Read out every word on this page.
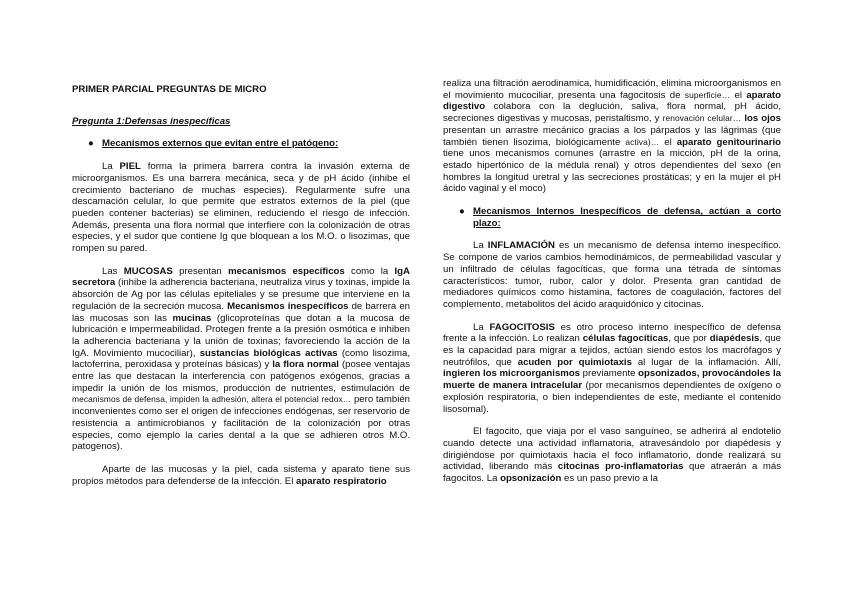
PRIMER PARCIAL PREGUNTAS DE MICRO
Pregunta 1:Defensas inespecíficas
● Mecanismos externos que evitan entre el patógeno:

La PIEL forma la primera barrera contra la invasión externa de microorganismos. Es una barrera mecánica, seca y de pH ácido (inhibe el crecimiento bacteriano de muchas especies). Regularmente sufre una descamación celular, lo que permite que estratos externos de la piel (que pueden contener bacterias) se eliminen, reduciendo el riesgo de infección. Además, presenta una flora normal que interfiere con la colonización de otras especies, y el sudor que contiene Ig que bloquean a los M.O. o lisozimas, que rompen su pared.

Las MUCOSAS presentan mecanismos específicos como la IgA secretora (inhibe la adherencia bacteriana, neutraliza virus y toxinas, impide la absorción de Ag por las células epiteliales y se presume que interviene en la regulación de la secreción mucosa. Mecanismos inespecíficos de barrera en las mucosas son las mucinas (glicoproteínas que dotan a la mucosa de lubricación e impermeabilidad. Protegen frente a la presión osmótica e inhiben la adherencia bacteriana y la unión de toxinas; favoreciendo la acción de la IgA. Movimiento mucociliar), sustancias biológicas activas (como lisozima, lactoferrina, peroxidasa y proteínas básicas) y la flora normal (posee ventajas entre las que destacan la interferencia con patógenos exógenos, gracias a impedir la unión de los mismos, producción de nutrientes, estimulación de mecanismos de defensa, impiden la adhesión, altera el potencial redox… pero también inconvenientes como ser el origen de infecciones endógenas, ser reservorio de resistencia a antimicrobianos y facilitación de la colonización por otras especies, como ejemplo la caries dental a la que se adhieren otros M.O. patogenos).

Aparte de las mucosas y la piel, cada sistema y aparato tiene sus propios métodos para defenderse de la infección. El aparato respiratorio

realiza una filtración aerodinamica, humidificación, elimina microorganismos en el movimiento mucociliar, presenta una fagocitosis de superficie… el aparato digestivo colabora con la deglución, saliva, flora normal, pH ácido, secreciones digestivas y mucosas, peristaltismo, y renovación celular… los ojos presentan un arrastre mecánico gracias a los párpados y las lágrimas (que también tienen lisozima, biológicamente activa)… el aparato genitourinario tiene unos mecanismos comunes (arrastre en la micción, pH de la orina, estado hipertónico de la médula renal) y otros dependientes del sexo (en hombres la longitud uretral y las secreciones prostáticas; y en la mujer el pH ácido vaginal y el moco)

● Mecanismos Internos Inespecíficos de defensa, actúan a corto plazo:

La INFLAMACIÓN es un mecanismo de defensa interno inespecífico. Se compone de varios cambios hemodinámicos, de permeabilidad vascular y un infiltrado de células fagocíticas, que forma una tétrada de síntomas característicos: tumor, rubor, calor y dolor. Presenta gran cantidad de mediadores químicos como histamina, factores de coagulación, factores del complemento, metabolitos del ácido araquidónico y citocinas.

La FAGOCITOSIS es otro proceso interno inespecífico de defensa frente a la infección. Lo realizan células fagocíticas, que por diapédesis, que es la capacidad para migrar a tejidos, actúan siendo estos los macrófagos y neutrófilos, que acuden por quimiotaxis al lugar de la inflamación. Allí, ingieren los microorganismos previamente opsonizados, provocándoles la muerte de manera intracelular (por mecanismos dependientes de oxígeno o explosión respiratoria, o bien independientes de este, mediante el contenido lisosomal).

El fagocito, que viaja por el vaso sanguíneo, se adherirá al endotelio cuando detecte una actividad inflamatoria, atravesándolo por diapédesis y dirigiéndose por quimiotaxis hacia el foco inflamatorio, donde realizará su actividad, liberando más citocinas pro-inflamatorias que atraerán a más fagocitos. La opsonización es un paso previo a la
